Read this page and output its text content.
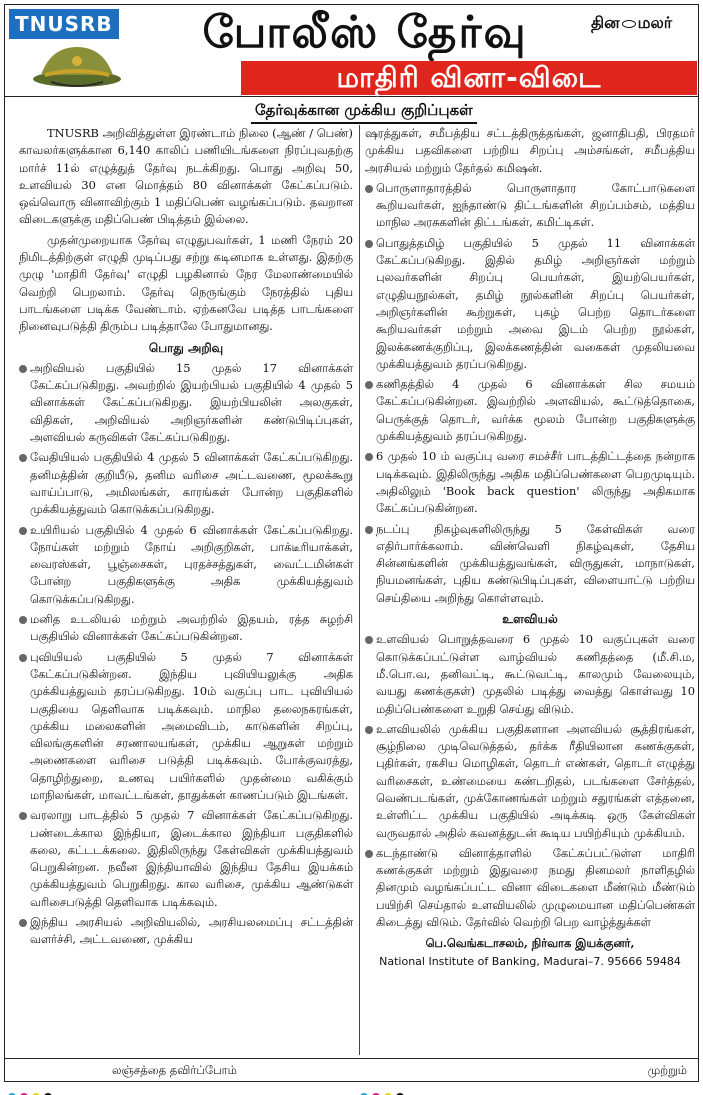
TNUSRB	போலீஸ் தேர்வு	தின மலர்
மாதிரி வினா-விடை
தேர்வுக்கான முக்கிய குறிப்புகள்

TNUSRB அறிவித்துள்ள இரண்டாம் நிலை (ஆண் / பெண்) காவலர்களுக்கான 6,140 காலிப் பணியிடங்களை நிரப்புவதற்கு மார்ச் 11ல் எழுத்துத் தேர்வு நடக்கிறது. பொது அறிவு 50, உளவியல் 30 என மொத்தம் 80 வினாக்கள் கேட்கப்படும். ஒவ்வொரு வினாவிற்கும் 1 மதிப்பெண் வழங்கப்படும். தவறான விடைகளுக்கு மதிப்பெண் பிடித்தம் இல்லை.

முதன்முறையாக தேர்வு எழுதுபவர்கள், 1 மணி நேரம் 20 நிமிடத்திற்குள் எழுதி முடிப்பது சற்று கடினமாக உள்ளது. இதற்கு முழு 'மாதிரி தேர்வு' எழுதி பழகினால் நேர மேலாண்மையில் வெற்றி பெறலாம். தேர்வு நெருங்கும் நேரத்தில் புதிய பாடங்களை படிக்க வேண்டாம். ஏற்கனவே படித்த பாடங்களை நினைவுபடுத்தி திரும்ப படித்தாலே போதுமானது.

பொது அறிவு
அறிவியல் பகுதியில் 15 முதல் 17 வினாக்கள் கேட்கப்படுகிறது. அவற்றில் இயற்பியல் பகுதியில் 4 முதல் 5 வினாக்கள் கேட்கப்படுகிறது. இயற்பியலின் அலகுகள், விதிகள், அறிவியல் அறிஞர்களின் கண்டுபிடிப்புகள், அளவியல் கருவிகள் கேட்கப்படுகிறது.
வேதியியல் பகுதியில் 4 முதல் 5 வினாக்கள் கேட்கப்படுகிறது. தனிமத்தின் குறியீடு, தனிம வரிசை அட்டவணை, மூலக்கூறு வாய்ப்பாடு, அமிலங்கள், காரங்கள் போன்ற பகுதிகளில் முக்கியத்துவம் கொடுக்கப்படுகிறது.
உயிரியல் பகுதியில் 4 முதல் 6 வினாக்கள் கேட்கப்படுகிறது. நோய்கள் மற்றும் நோய் அறிகுறிகள், பாக்டீரியாக்கள், வைரஸ்கள், பூஞ்சைகள், புரதச்சத்துகள், வைட்டமின்கள் போன்ற பகுதிகளுக்கு அதிக முக்கியத்துவம் கொடுக்கப்படுகிறது.
மனித உடலியல் மற்றும் அவற்றில் இதயம், ரத்த சுழற்சி பகுதியில் வினாக்கள் கேட்கப்படுகின்றன.
புவியியல் பகுதியில் 5 முதல் 7 வினாக்கள் கேட்கப்படுகின்றன. இந்திய புவியியலுக்கு அதிக முக்கியத்துவம் தரப்படுகிறது. 10ம் வகுப்பு பாட புவியியல் பகுதியை தெளிவாக படிக்கவும். மாநில தலைநகரங்கள், முக்கிய மலைகளின் அமைவிடம், காடுகளின் சிறப்பு, விலங்குகளின் சரணாலயங்கள், முக்கிய ஆறுகள் மற்றும் அணைகளை வரிசை படுத்தி படிக்கவும். போக்குவரத்து, தொழிற்துறை, உணவு பயிர்களில் முதன்மை வகிக்கும் மாநிலங்கள், மாவட்டங்கள், தாதுக்கள் காணப்படும் இடங்கள்.
வரலாறு பாடத்தில் 5 முதல் 7 வினாக்கள் கேட்கப்படுகிறது. பண்டைக்கால இந்தியா, இடைக்கால இந்தியா பகுதிகளில் கலை, கட்டடக்கலை. இதிலிருந்து கேள்விகள் முக்கியத்துவம் பெறுகின்றன. நவீன இந்தியாவில் இந்திய தேசிய இயக்கம் முக்கியத்துவம் பெறுகிறது. கால வரிசை, முக்கிய ஆண்டுகள் வரிசைபடுத்தி தெளிவாக படிக்கவும்.
இந்திய அரசியல் அறிவியலில், அரசியலமைப்பு சட்டத்தின் வளர்ச்சி, அட்டவணை, முக்கிய

ஷரத்துகள், சமீபத்திய சட்டத்திருத்தங்கள், ஜனாதிபதி, பிரதமர் முக்கிய பதவிகளை பற்றிய சிறப்பு அம்சங்கள், சமீபத்திய அரசியல் மற்றும் தேர்தல் கமிஷன்.

பொருளாதாரத்தில் பொருளாதார கோட்பாடுகளை கூறியவர்கள், ஐந்தாண்டு திட்டங்களின் சிறப்பம்சம், மத்திய மாநில அரசுகளின் திட்டங்கள், கமிட்டிகள்.
பொதுத்தமிழ் பகுதியில் 5 முதல் 11 வினாக்கள் கேட்கப்படுகிறது. இதில் தமிழ் அறிஞர்கள் மற்றும் புலவர்களின் சிறப்பு பெயர்கள், இயற்பெயர்கள், எழுதியநூல்கள், தமிழ் நூல்களின் சிறப்பு பெயர்கள், அறிஞர்களின் கூற்றுகள், புகழ் பெற்ற தொடர்களை கூறியவர்கள் மற்றும் அவை இடம் பெற்ற நூல்கள், இலக்கணக்குறிப்பு, இலக்கணத்தின் வகைகள் முதலியவை முக்கியத்துவம் தரப்படுகிறது.
கணிதத்தில் 4 முதல் 6 வினாக்கள் சில சமயம் கேட்கப்படுகின்றன. இவற்றில் அளவியல், கூட்டுத்தொகை, பெருக்குத் தொடர், வர்க்க மூலம் போன்ற பகுதிகளுக்கு முக்கியத்துவம் தரப்படுகிறது.
6 முதல் 10 ம் வகுப்பு வரை சமச்சீர் பாடத்திட்டத்தை நன்றாக படிக்கவும். இதிலிருந்து அதிக மதிப்பெண்களை பெறமுடியும். அதிலிலும் 'Book back question' லிருந்து அதிகமாக கேட்கப்படுகின்றன.
நடப்பு நிகழ்வுகளிலிருந்து 5 கேள்விகள் வரை எதிர்பார்க்கலாம். விண்வெளி நிகழ்வுகள், தேசிய சின்னங்களின் முக்கியத்துவங்கள், விருதுகள், மாநாடுகள், நியமனங்கள், புதிய கண்டுபிடிப்புகள், விளையாட்டு பற்றிய செய்தியை அறிந்து கொள்ளவும்.
உளவியல்
உளவியல் பொறுத்தவரை 6 முதல் 10 வகுப்புகள் வரை கொடுக்கப்பட்டுள்ள வாழ்வியல் கணிதத்தை (மீ.சி.ம, மீ.பொ.வ, தனிவட்டி, கூட்டுவட்டி, காலமும் வேலையும், வயது கணக்குகள்) முதலில் படித்து வைத்து கொள்வது 10 மதிப்பெண்களை உறுதி செய்து விடும்.
உளவியலில் முக்கிய பகுதிகளான அளவியல் சூத்திரங்கள், சூழ்நிலை முடிவெடுத்தல், தர்க்க ரீதியிலான கணக்குகள், புதிர்கள், ரகசிய மொழிகள், தொடர் எண்கள், தொடர் எழுத்து வரிசைகள், உண்மையை கண்டறிதல், படங்களை சேர்த்தல், வெண்படங்கள், முக்கோணங்கள் மற்றும் சதுரங்கள் எத்தனை, உள்ளிட்ட முக்கிய பகுதியில் அடிக்கடி ஒரு கேள்விகள் வருவதால் அதில் கவனத்துடன் கூடிய பயிற்சியும் முக்கியம்.
கடந்தாண்டு வினாத்தாளில் கேட்கப்பட்டுள்ள மாதிரி கணக்குகள் மற்றும் இதுவரை நமது தினமலர் நாளிதழில் தினமும் வழங்கப்பட்ட வினா விடைகளை மீண்டும் மீண்டும் பயிற்சி செய்தால் உளவியலில் முழுமையான மதிப்பெண்கள் கிடைத்து விடும். தேர்வில் வெற்றி பெற வாழ்த்துக்கள்
பெ.வெங்கடாசலம், நிர்வாக இயக்குனர்,
National Institute of Banking, Madurai–7. 95666 59484
லஞ்சத்தை தவிர்ப்போம்	முற்றும்
